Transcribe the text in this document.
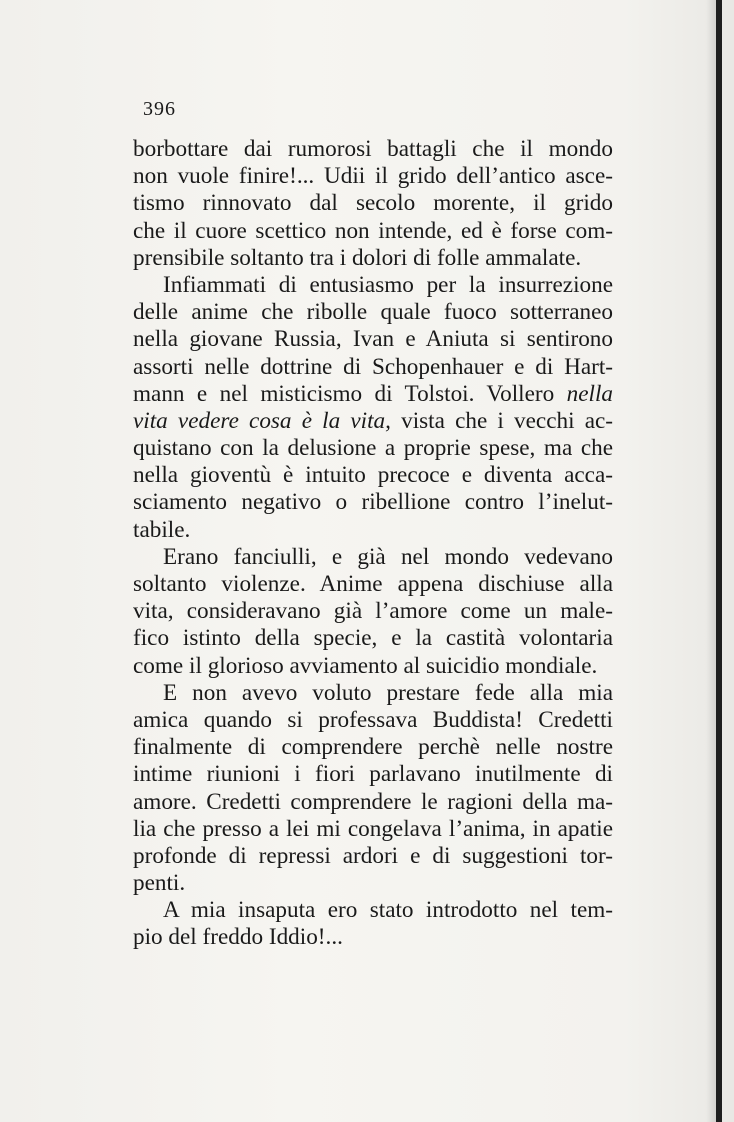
396
borbottare dai rumorosi battagli che il mondo
non vuole finire!... Udii il grido dell’antico asce-
tismo rinnovato dal secolo morente, il grido
che il cuore scettico non intende, ed è forse com-
prensibile soltanto tra i dolori di folle ammalate.
Infiammati di entusiasmo per la insurrezione
delle anime che ribolle quale fuoco sotterraneo
nella giovane Russia, Ivan e Aniuta si sentirono
assorti nelle dottrine di Schopenhauer e di Hart-
mann e nel misticismo di Tolstoi. Vollero nella
vita vedere cosa è la vita, vista che i vecchi ac-
quistano con la delusione a proprie spese, ma che
nella gioventù è intuito precoce e diventa acca-
sciamento negativo o ribellione contro l’inelut-
tabile.
Erano fanciulli, e già nel mondo vedevano
soltanto violenze. Anime appena dischiuse alla
vita, consideravano già l’amore come un male-
fico istinto della specie, e la castità volontaria
come il glorioso avviamento al suicidio mondiale.
E non avevo voluto prestare fede alla mia
amica quando si professava Buddista! Credetti
finalmente di comprendere perchè nelle nostre
intime riunioni i fiori parlavano inutilmente di
amore. Credetti comprendere le ragioni della ma-
lia che presso a lei mi congelava l’anima, in apatie
profonde di repressi ardori e di suggestioni tor-
penti.
A mia insaputa ero stato introdotto nel tem-
pio del freddo Iddio!...
